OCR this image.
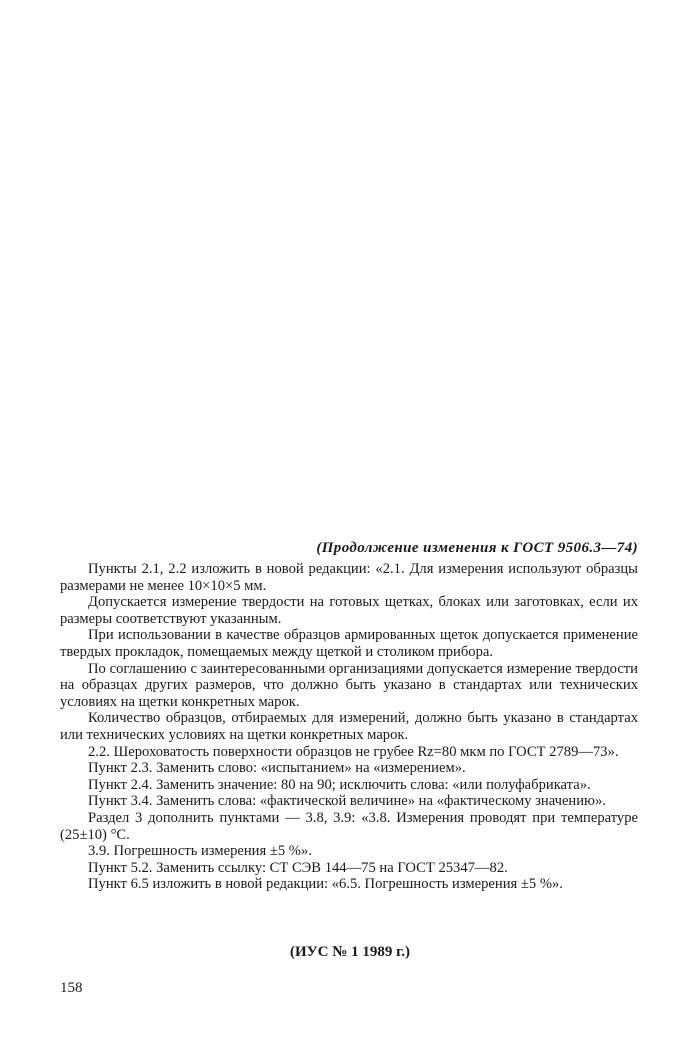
(Продолжение изменения к ГОСТ 9506.3—74)

Пункты 2.1, 2.2 изложить в новой редакции: «2.1. Для измерения используют образцы размерами не менее 10×10×5 мм.

Допускается измерение твердости на готовых щетках, блоках или заготовках, если их размеры соответствуют указанным.

При использовании в качестве образцов армированных щеток допускается применение твердых прокладок, помещаемых между щеткой и столиком прибора.

По соглашению с заинтересованными организациями допускается измерение твердости на образцах других размеров, что должно быть указано в стандартах или технических условиях на щетки конкретных марок.

Количество образцов, отбираемых для измерений, должно быть указано в стандартах или технических условиях на щетки конкретных марок.

2.2. Шероховатость поверхности образцов не грубее Rz=80 мкм по ГОСТ 2789—73».

Пункт 2.3. Заменить слово: «испытанием» на «измерением».

Пункт 2.4. Заменить значение: 80 на 90; исключить слова: «или полуфабриката».

Пункт 3.4. Заменить слова: «фактической величине» на «фактическому значению».

Раздел 3 дополнить пунктами — 3.8, 3.9: «3.8. Измерения проводят при температуре (25±10) °С.

3.9. Погрешность измерения ±5 %».

Пункт 5.2. Заменить ссылку: СТ СЭВ 144—75 на ГОСТ 25347—82.

Пункт 6.5 изложить в новой редакции: «6.5. Погрешность измерения ±5 %».

(ИУС № 1 1989 г.)
158
